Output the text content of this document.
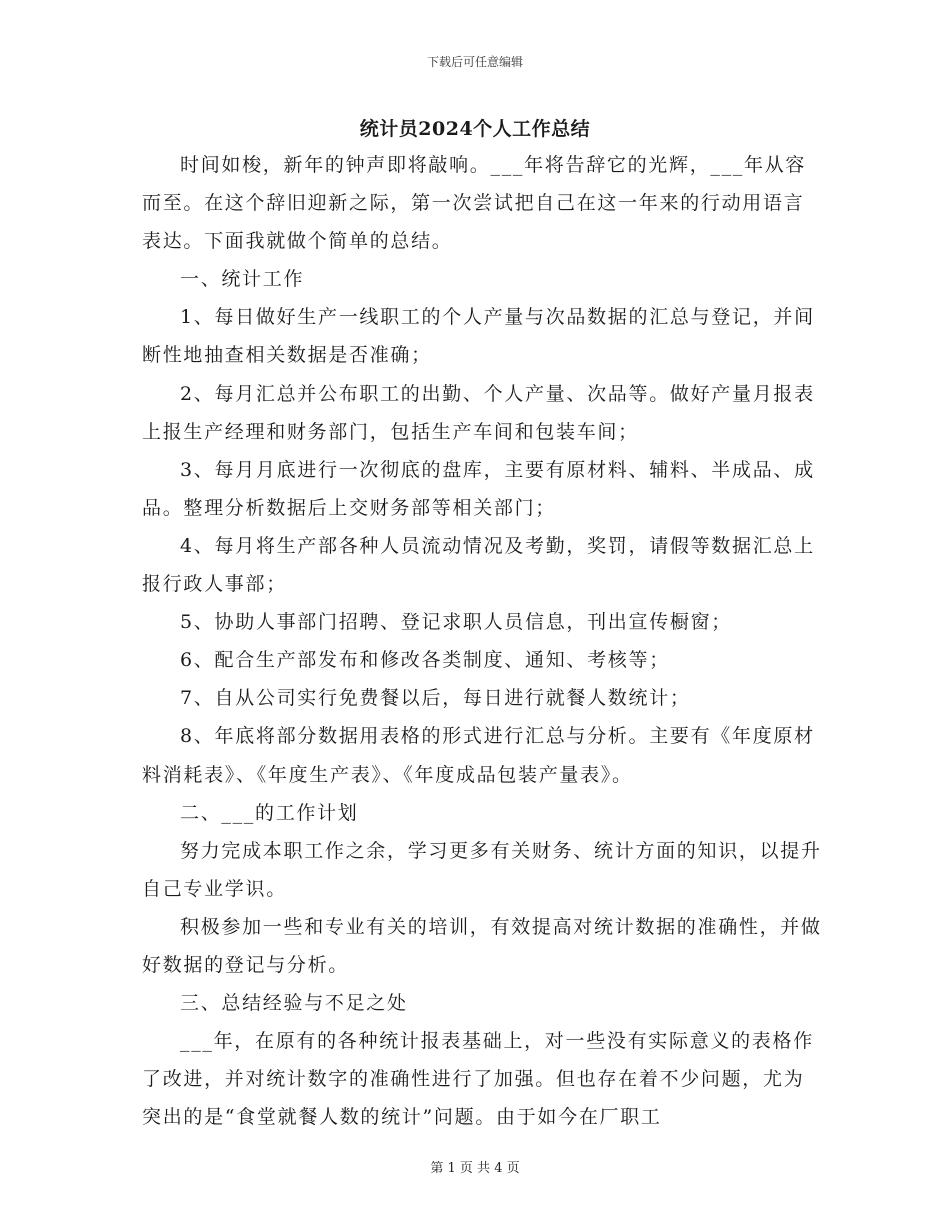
下载后可任意编辑
统计员2024个人工作总结

时间如梭，新年的钟声即将敲响。___年将告辞它的光辉，___年从容而至。在这个辞旧迎新之际，第一次尝试把自己在这一年来的行动用语言表达。下面我就做个简单的总结。

一、统计工作

1、每日做好生产一线职工的个人产量与次品数据的汇总与登记，并间断性地抽查相关数据是否准确；

2、每月汇总并公布职工的出勤、个人产量、次品等。做好产量月报表上报生产经理和财务部门，包括生产车间和包装车间；

3、每月月底进行一次彻底的盘库，主要有原材料、辅料、半成品、成品。整理分析数据后上交财务部等相关部门；

4、每月将生产部各种人员流动情况及考勤，奖罚，请假等数据汇总上报行政人事部；

5、协助人事部门招聘、登记求职人员信息，刊出宣传橱窗；

6、配合生产部发布和修改各类制度、通知、考核等；

7、自从公司实行免费餐以后，每日进行就餐人数统计；

8、年底将部分数据用表格的形式进行汇总与分析。主要有《年度原材料消耗表》、《年度生产表》、《年度成品包装产量表》。

二、___的工作计划

努力完成本职工作之余，学习更多有关财务、统计方面的知识，以提升自己专业学识。

积极参加一些和专业有关的培训，有效提高对统计数据的准确性，并做好数据的登记与分析。

三、总结经验与不足之处

___年，在原有的各种统计报表基础上，对一些没有实际意义的表格作了改进，并对统计数字的准确性进行了加强。但也存在着不少问题，尤为突出的是“食堂就餐人数的统计”问题。由于如今在厂职工

第 1 页 共 4 页
